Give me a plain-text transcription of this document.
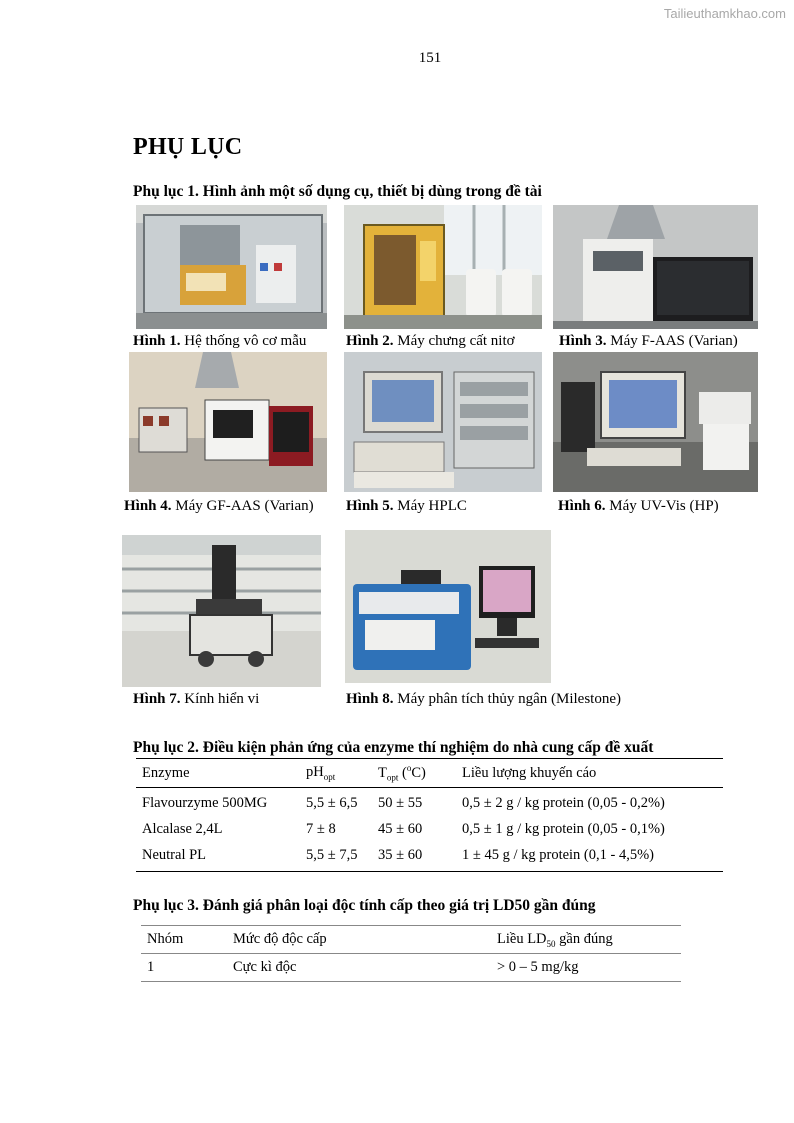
Tailieuthamkhao.com
151
PHỤ LỤC
Phụ lục 1. Hình ảnh một số dụng cụ, thiết bị dùng trong đề tài
Hình 1. Hệ thống vô cơ mẫu	Hình 2. Máy chưng cất nitơ	Hình 3. Máy F-AAS (Varian)
Hình 4. Máy GF-AAS (Varian) Hình 5. Máy HPLC	Hình 6. Máy UV-Vis (HP)
Hình 7. Kính hiển vi	Hình 8. Máy phân tích thủy ngân (Milestone)
Phụ lục 2. Điều kiện phản ứng của enzyme thí nghiệm do nhà cung cấp đề xuất
Enzyme	$pH_{opt}$	$T_{opt}$ ($^o$C)	Liều lượng khuyến cáo
Flavourzyme 500MG	5,5 ± 6,5	50 ± 55	0,5 ± 2 g / kg protein (0,05 - 0,2%)
Alcalase 2,4L	7 ± 8	45 ± 60	0,5 ± 1 g / kg protein (0,05 - 0,1%)
Neutral PL	5,5 ± 7,5	35 ± 60	1 ± 45 g / kg protein (0,1 - 4,5%)
Phụ lục 3. Đánh giá phân loại độc tính cấp theo giá trị LD50 gần đúng
Nhóm	Mức độ độc cấp	Liều $LD_{50}$ gần đúng
1	Cực kì độc	> 0 – 5 mg/kg
